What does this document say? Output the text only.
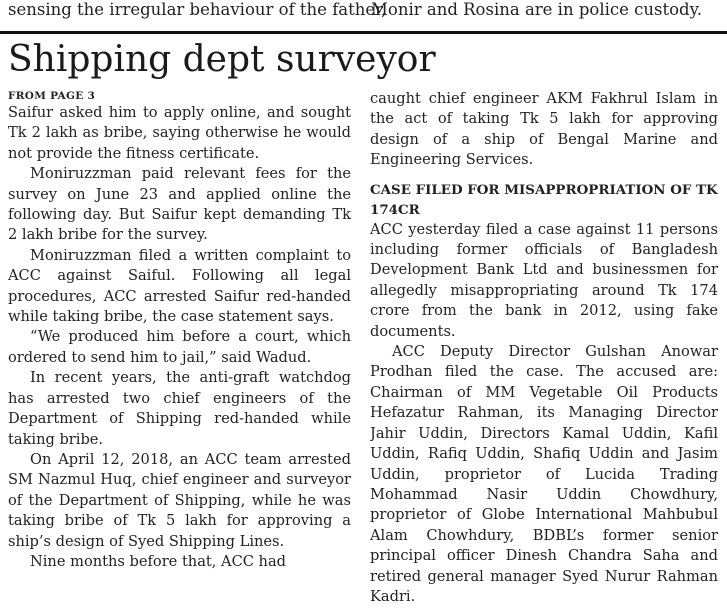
sensing the irregular behaviour of the father,
Monir and Rosina are in police custody.
Shipping dept surveyor

FROM PAGE 3

Saifur asked him to apply online, and sought Tk 2 lakh as bribe, saying otherwise he would not provide the fitness certificate.

Moniruzzman paid relevant fees for the survey on June 23 and applied online the following day. But Saifur kept demanding Tk 2 lakh bribe for the survey.

Moniruzzman filed a written complaint to ACC against Saiful. Following all legal procedures, ACC arrested Saifur red-handed while taking bribe, the case statement says.

“We produced him before a court, which ordered to send him to jail,” said Wadud.

In recent years, the anti-graft watchdog has arrested two chief engineers of the Department of Shipping red-handed while taking bribe.

On April 12, 2018, an ACC team arrested SM Nazmul Huq, chief engineer and surveyor of the Department of Shipping, while he was taking bribe of Tk 5 lakh for approving a ship’s design of Syed Shipping Lines.

Nine months before that, ACC had

caught chief engineer AKM Fakhrul Islam in the act of taking Tk 5 lakh for approving design of a ship of Bengal Marine and Engineering Services.

CASE FILED FOR MISAPPROPRIATION OF TK 174CR

ACC yesterday filed a case against 11 persons including former officials of Bangladesh Development Bank Ltd and businessmen for allegedly misappropriating around Tk 174 crore from the bank in 2012, using fake documents.

ACC Deputy Director Gulshan Anowar Prodhan filed the case. The accused are: Chairman of MM Vegetable Oil Products Hefazatur Rahman, its Managing Director Jahir Uddin, Directors Kamal Uddin, Kafil Uddin, Rafiq Uddin, Shafiq Uddin and Jasim Uddin, proprietor of Lucida Trading Mohammad Nasir Uddin Chowdhury, proprietor of Globe International Mahbubul Alam Chowhdury, BDBL’s former senior principal officer Dinesh Chandra Saha and retired general manager Syed Nurur Rahman Kadri.
